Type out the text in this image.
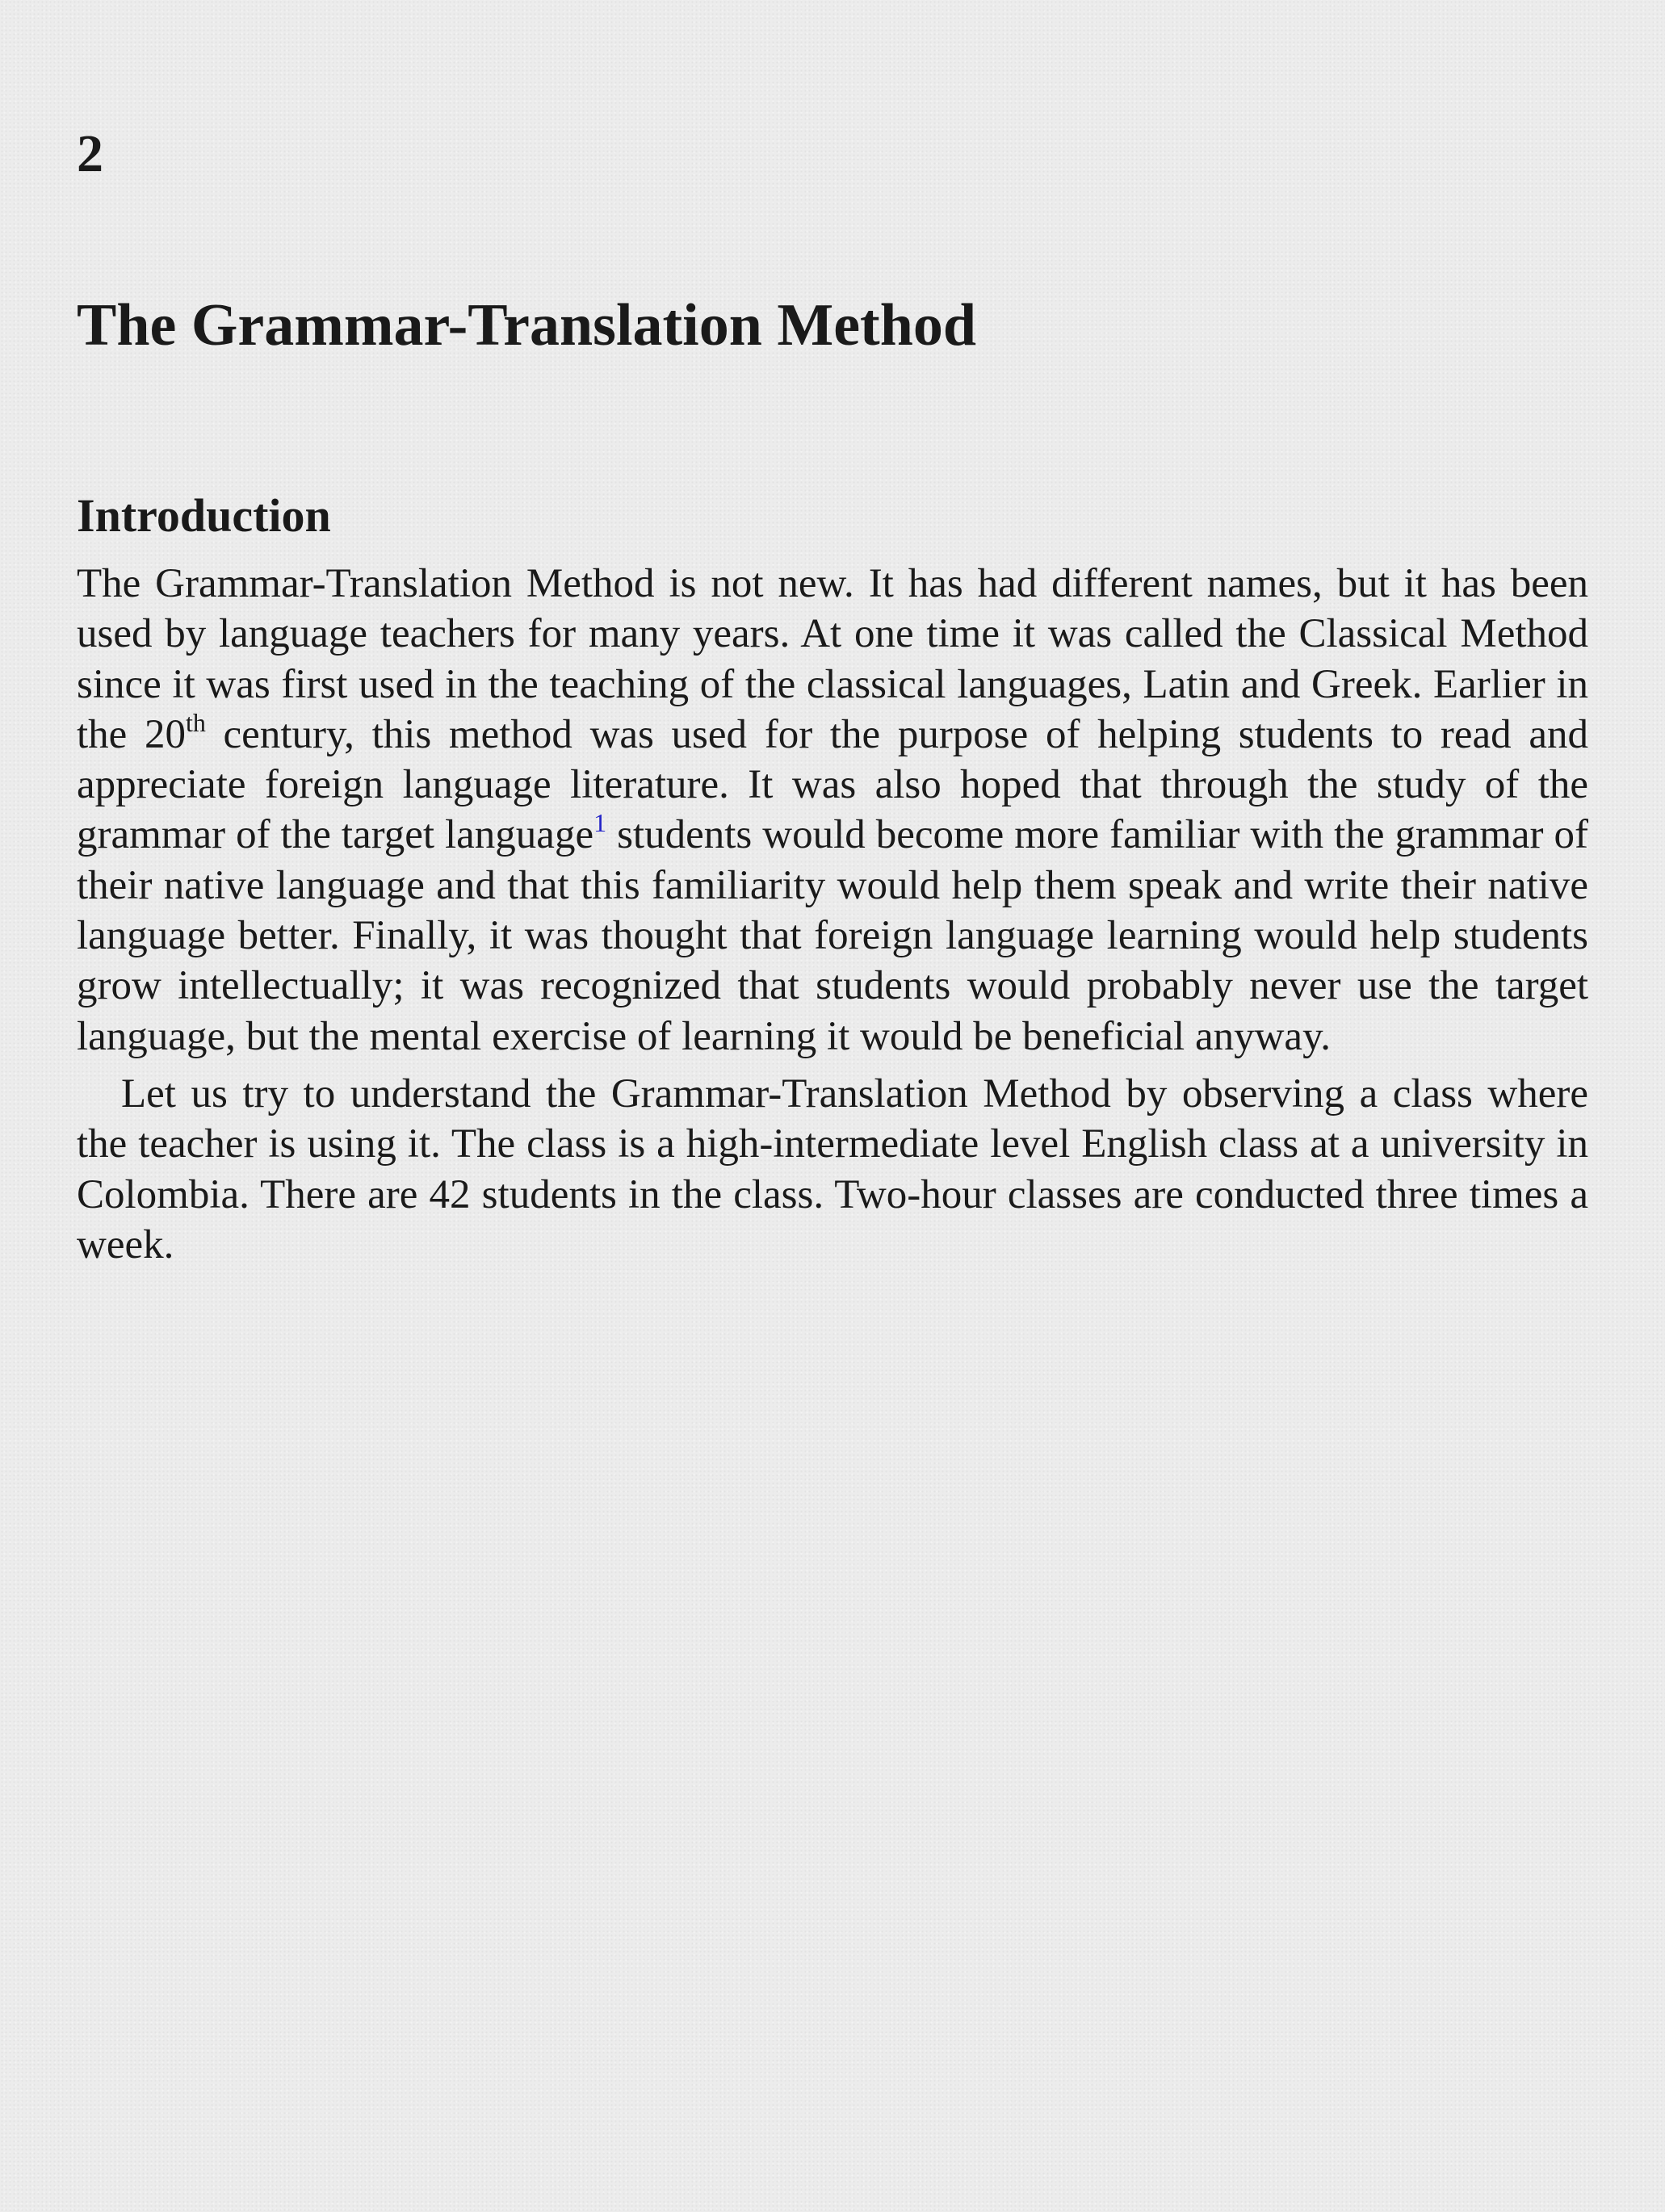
2
The Grammar-Translation Method
Introduction

The Grammar-Translation Method is not new. It has had different names, but it has been used by language teachers for many years. At one time it was called the Classical Method since it was first used in the teaching of the classical languages, Latin and Greek. Earlier in the 20th century, this method was used for the purpose of helping students to read and appreciate foreign language literature. It was also hoped that through the study of the grammar of the target language$^1$ students would become more familiar with the grammar of their native language and that this familiarity would help them speak and write their native language better. Finally, it was thought that foreign language learning would help students grow intellectually; it was recognized that students would probably never use the target language, but the mental exercise of learning it would be beneficial anyway.

Let us try to understand the Grammar-Translation Method by observing a class where the teacher is using it. The class is a high-intermediate level English class at a university in Colombia. There are 42 students in the class. Two-hour classes are conducted three times a week.
